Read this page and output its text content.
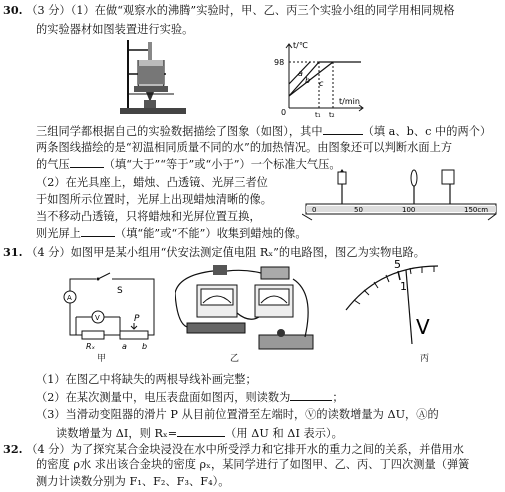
30. （3 分）（1）在做“观察水的沸腾”实验时，甲、乙、丙三个实验小组的同学用相同规格
的实验器材如图装置进行实验。
t/℃
98
0
a
b c
t₁ t₂
t/min
三组同学都根据自己的实验数据描绘了图象（如图），其中	（填 a、b、c 中的两个）
两条图线描绘的是“初温相同质量不同的水”的加热情况。由图象还可以判断水面上方
的气压	（填“大于”“等于”或“小于”）一个标准大气压。
（2）在光具座上，蜡烛、凸透镜、光屏三者位
于如图所示位置时，光屏上出现蜡烛清晰的像。
当不移动凸透镜，只将蜡烛和光屏位置互换，
则光屏上	（填“能”或“不能”）收集到蜡烛的像。
0	50	100	150cm
31. （4 分）如图甲是某小组用“伏安法测定值电阻 Rₓ”的电路图，图乙为实物电路。
S
A
V	P
Rₓ	a b
甲	乙
5
1
V
丙
（1）在图乙中将缺失的两根导线补画完整；
（2）在某次测量中，电压表盘面如图丙，则读数为	；
（3）当滑动变阻器的滑片 P 从目前位置滑至左端时，Ⓥ的读数增量为 ΔU，Ⓐ的
读数增量为 ΔI，则 Rₓ=	（用 ΔU 和 ΔI 表示）。
32. （4 分）为了探究某合金块浸没在水中所受浮力和它排开水的重力之间的关系，并借用水
的密度 ρ水 求出该合金块的密度 ρₓ，某同学进行了如图甲、乙、丙、丁四次测量（弹簧
测力计读数分别为 F₁、F₂、F₃、F₄）。
